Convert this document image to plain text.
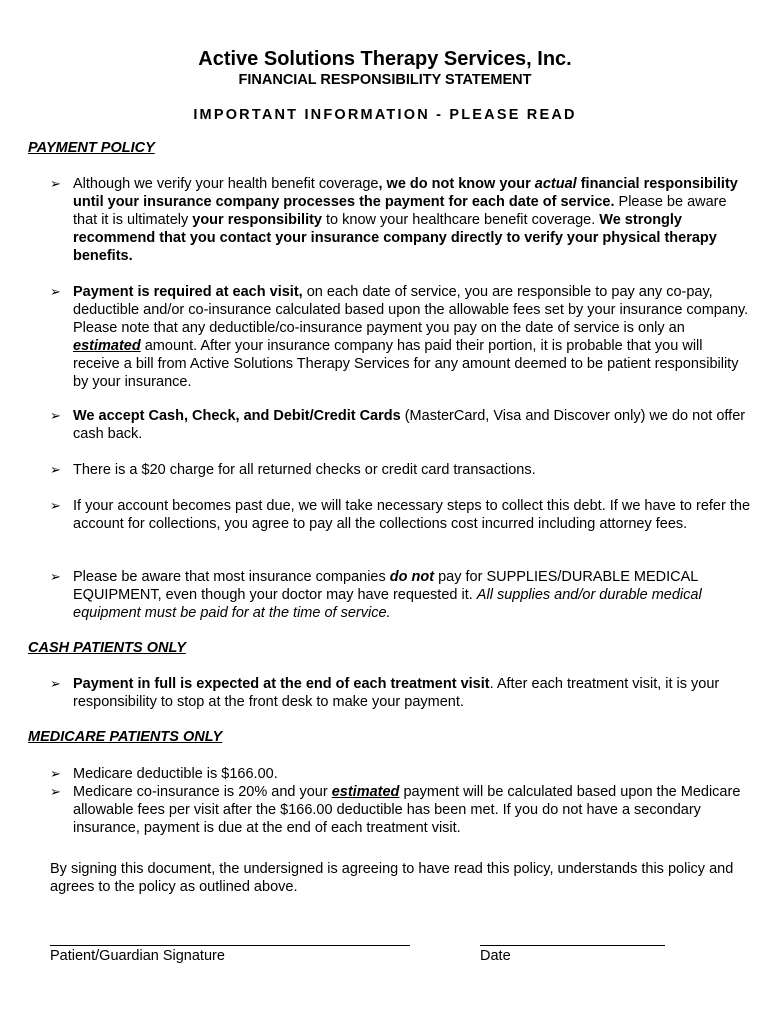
Active Solutions Therapy Services, Inc.
FINANCIAL RESPONSIBILITY STATEMENT
IMPORTANT INFORMATION - PLEASE READ
PAYMENT POLICY
➢ Although we verify your health benefit coverage, we do not know your actual financial responsibility until your insurance company processes the payment for each date of service. Please be aware that it is ultimately your responsibility to know your healthcare benefit coverage. We strongly recommend that you contact your insurance company directly to verify your physical therapy benefits.
➢ Payment is required at each visit, on each date of service, you are responsible to pay any co-pay, deductible and/or co-insurance calculated based upon the allowable fees set by your insurance company. Please note that any deductible/co-insurance payment you pay on the date of service is only an estimated amount. After your insurance company has paid their portion, it is probable that you will receive a bill from Active Solutions Therapy Services for any amount deemed to be patient responsibility by your insurance.
➢ We accept Cash, Check, and Debit/Credit Cards (MasterCard, Visa and Discover only) we do not offer cash back.
➢ There is a $20 charge for all returned checks or credit card transactions.
➢ If your account becomes past due, we will take necessary steps to collect this debt. If we have to refer the account for collections, you agree to pay all the collections cost incurred including attorney fees.
➢ Please be aware that most insurance companies do not pay for SUPPLIES/DURABLE MEDICAL EQUIPMENT, even though your doctor may have requested it. All supplies and/or durable medical equipment must be paid for at the time of service.
CASH PATIENTS ONLY
➢ Payment in full is expected at the end of each treatment visit. After each treatment visit, it is your responsibility to stop at the front desk to make your payment.
MEDICARE PATIENTS ONLY
➢ Medicare deductible is $166.00.
➢ Medicare co-insurance is 20% and your estimated payment will be calculated based upon the Medicare allowable fees per visit after the $166.00 deductible has been met. If you do not have a secondary insurance, payment is due at the end of each treatment visit.
By signing this document, the undersigned is agreeing to have read this policy, understands this policy and agrees to the policy as outlined above.
Patient/Guardian Signature	Date
